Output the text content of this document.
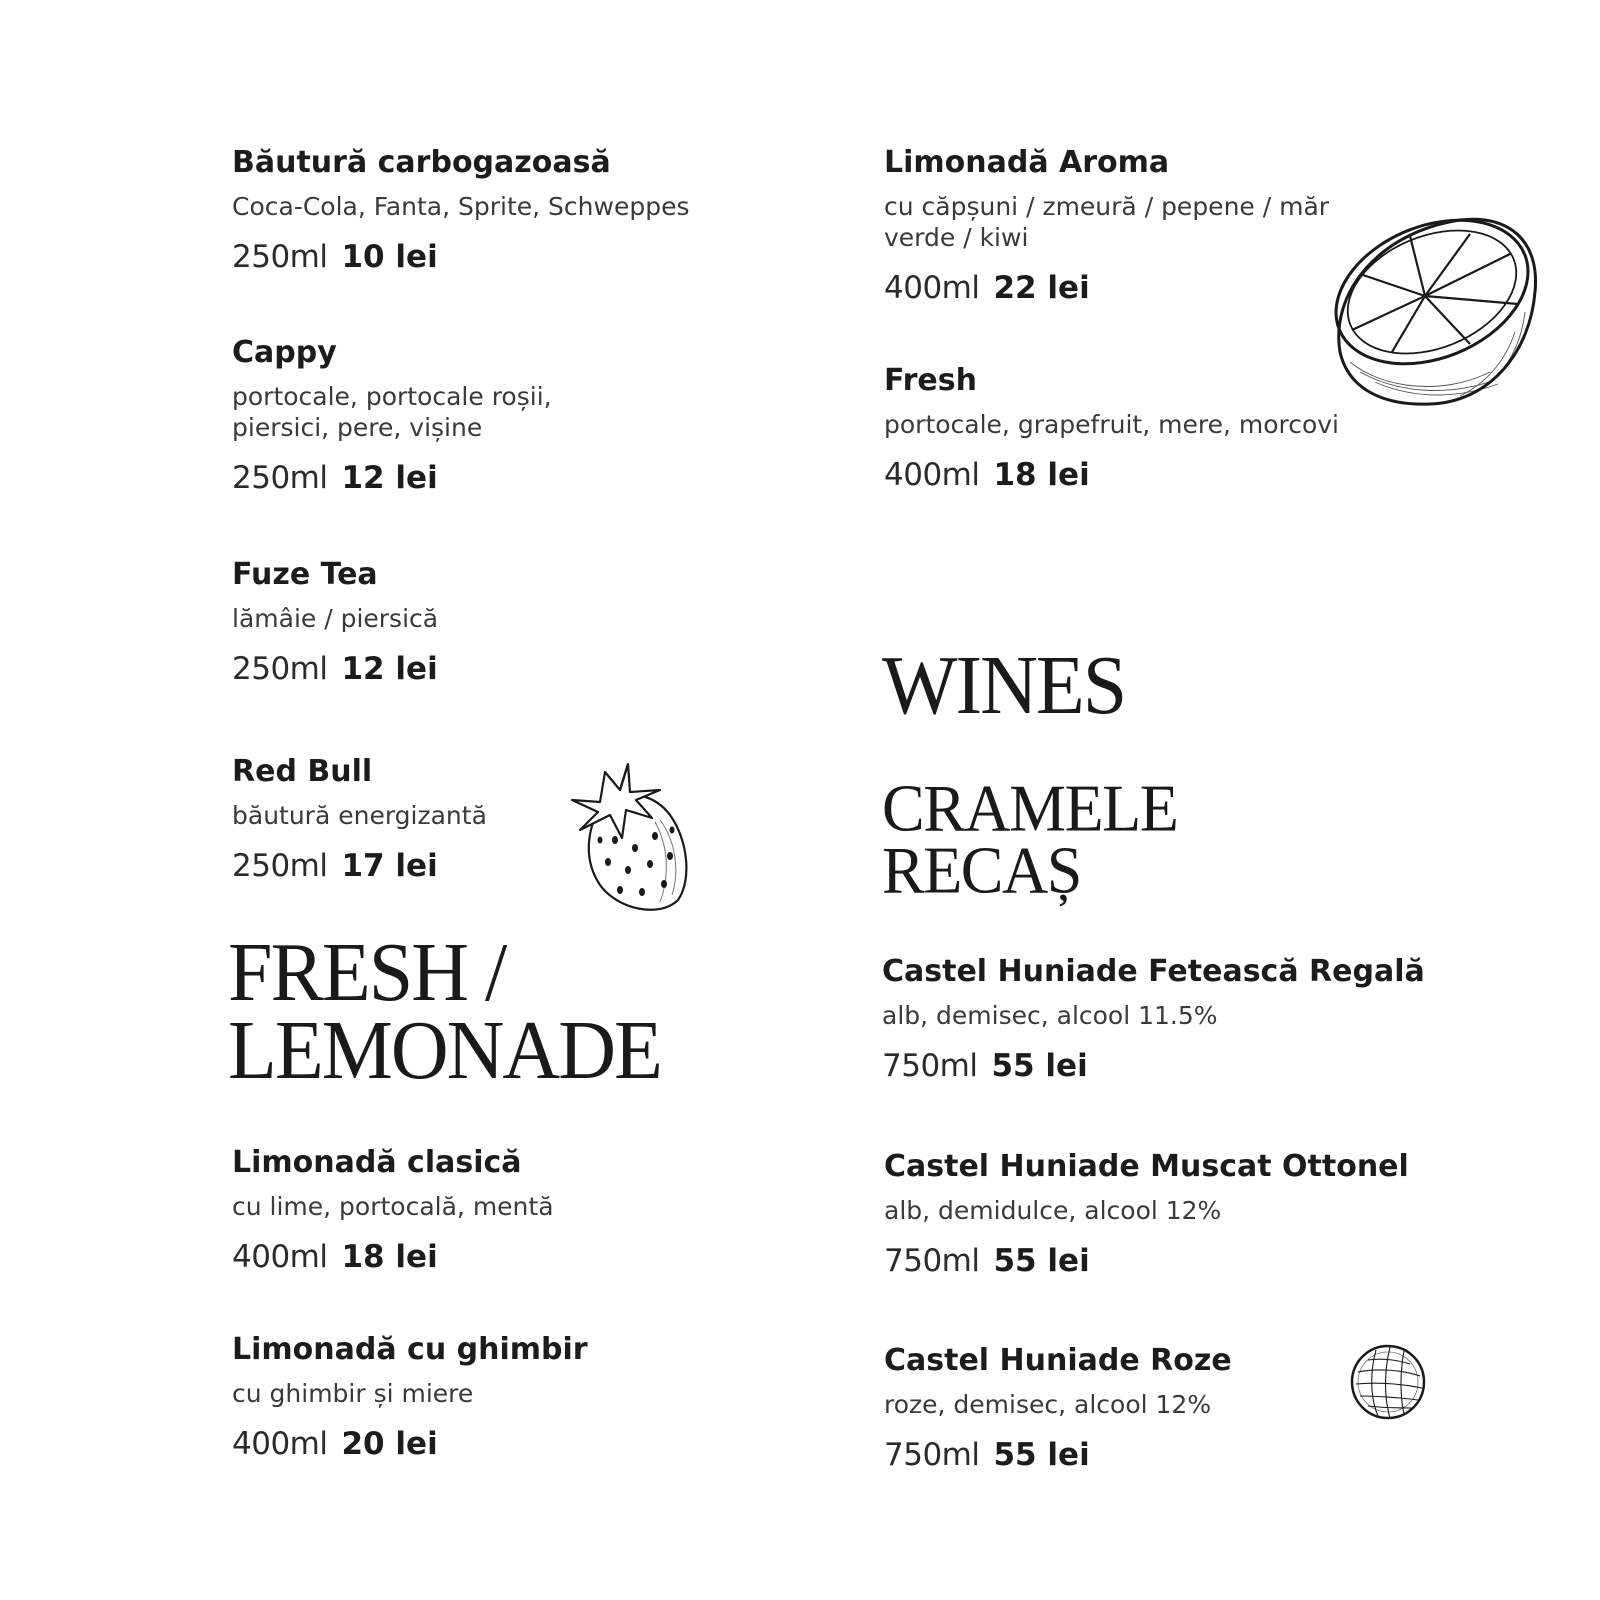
Băutură carbogazoasă
Coca-Cola, Fanta, Sprite, Schweppes
250ml 10 lei
Cappy
portocale, portocale roșii, piersici, pere, vișine
250ml 12 lei
Fuze Tea
lămâie / piersică
250ml 12 lei
Red Bull
băutură energizantă
250ml 17 lei
FRESH /
LEMONADE
Limonadă clasică
cu lime, portocală, mentă
400ml 18 lei
Limonadă cu ghimbir
cu ghimbir și miere
400ml 20 lei
Limonadă Aroma
cu căpșuni / zmeură / pepene / măr verde / kiwi
400ml 22 lei
Fresh
portocale, grapefruit, mere, morcovi
400ml 18 lei
WINES
CRAMELE
RECAȘ
Castel Huniade Fetească Regală
alb, demisec, alcool 11.5%
750ml 55 lei
Castel Huniade Muscat Ottonel
alb, demidulce, alcool 12%
750ml 55 lei
Castel Huniade Roze
roze, demisec, alcool 12%
750ml 55 lei
